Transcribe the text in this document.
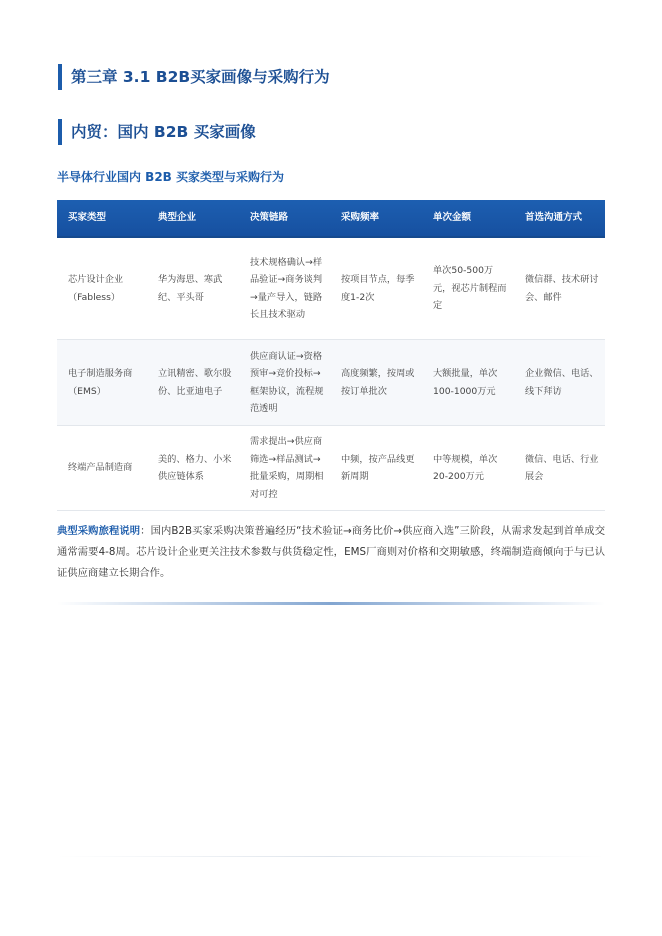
第三章 3.1 B2B买家画像与采购行为
内贸：国内 B2B 买家画像
半导体行业国内 B2B 买家类型与采购行为
买家类型	典型企业	决策链路	采购频率	单次金额	首选沟通方式
芯片设计企业（Fabless）	华为海思、寒武纪、平头哥	技术规格确认→样品验证→商务谈判→量产导入，链路长且技术驱动	按项目节点，每季度1-2次	单次50-500万元，视芯片制程而定	微信群、技术研讨会、邮件
电子制造服务商（EMS）	立讯精密、歌尔股份、比亚迪电子	供应商认证→资格预审→竞价投标→框架协议，流程规范透明	高度频繁，按周或按订单批次	大额批量，单次100-1000万元	企业微信、电话、线下拜访
终端产品制造商	美的、格力、小米供应链体系	需求提出→供应商筛选→样品测试→批量采购，周期相对可控	中频，按产品线更新周期	中等规模，单次20-200万元	微信、电话、行业展会
典型采购旅程说明：国内B2B买家采购决策普遍经历“技术验证→商务比价→供应商入选”三阶段，从需求发起到首单成交通常需要4-8周。芯片设计企业更关注技术参数与供货稳定性，EMS厂商则对价格和交期敏感，终端制造商倾向于与已认证供应商建立长期合作。
